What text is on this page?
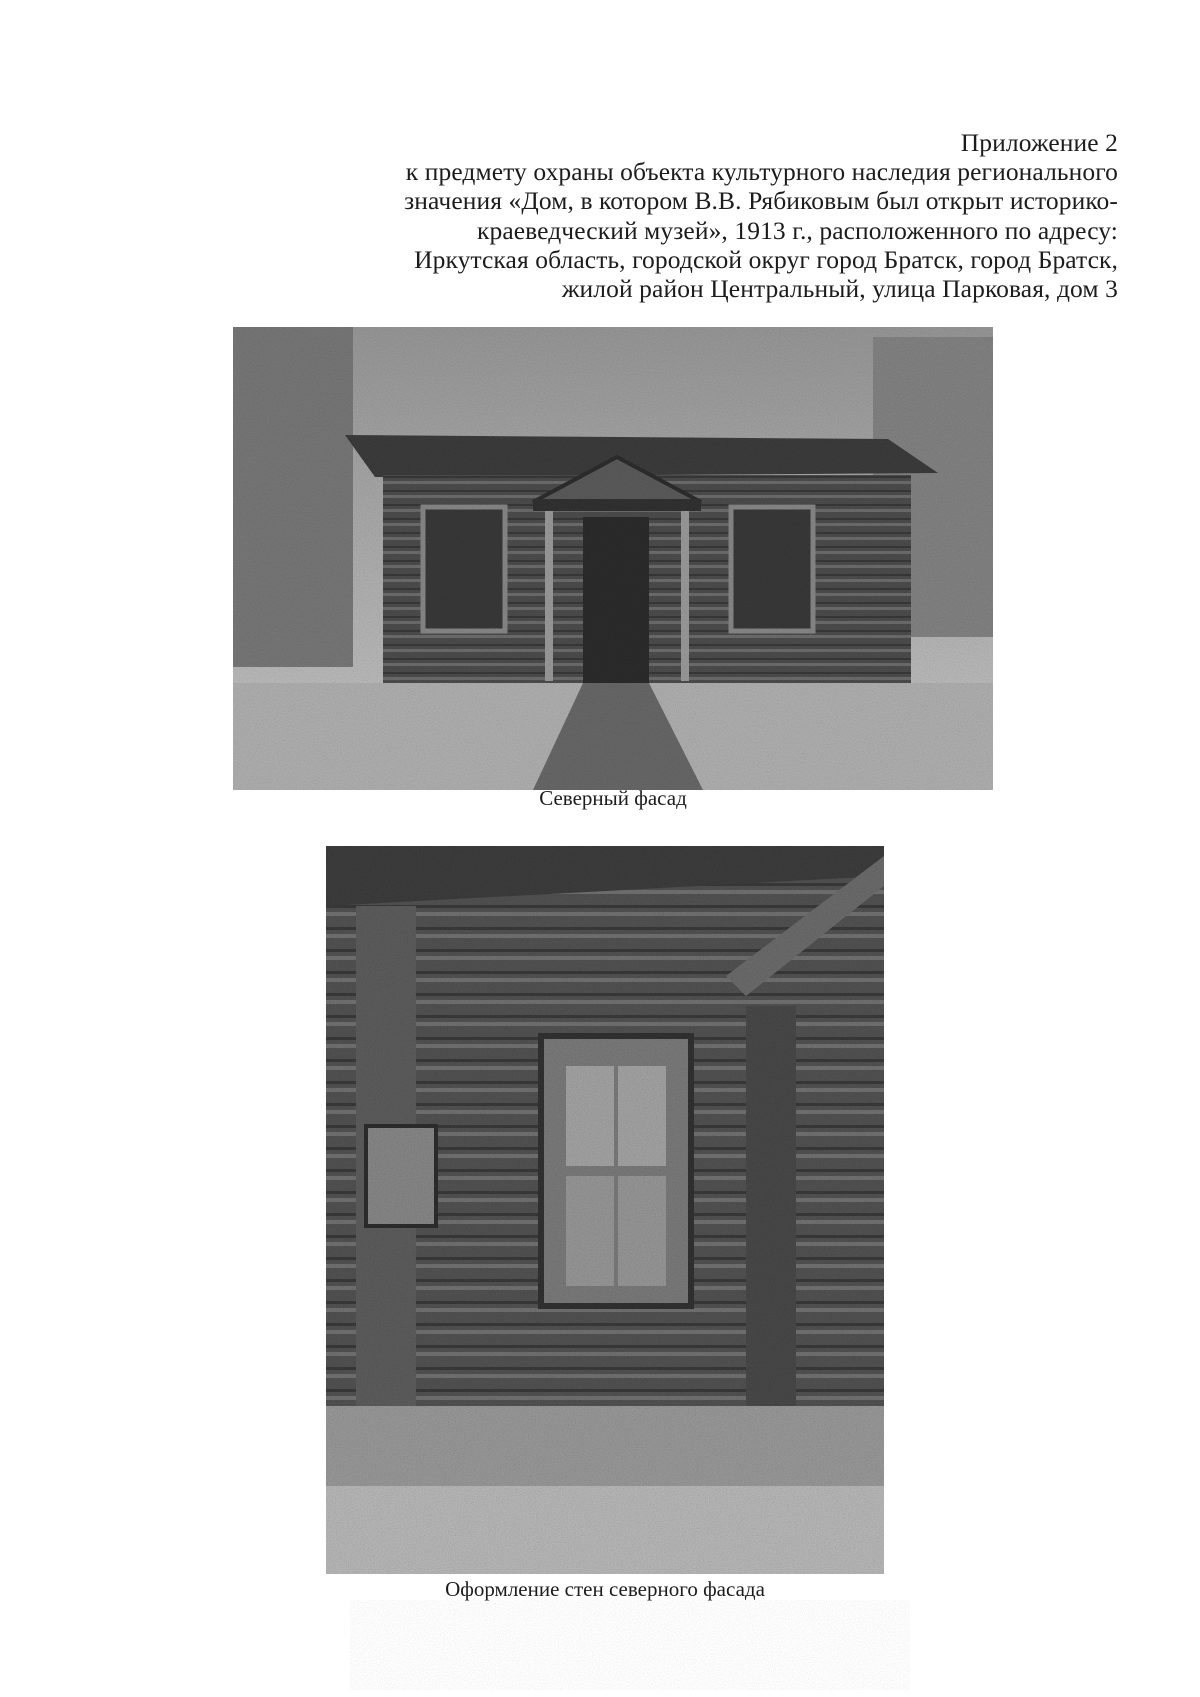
Приложение 2
к предмету охраны объекта культурного наследия регионального
значения «Дом, в котором В.В. Рябиковым был открыт историко-
краеведческий музей», 1913 г., расположенного по адресу:
Иркутская область, городской округ город Братск, город Братск,
жилой район Центральный, улица Парковая, дом 3
Северный фасад
Оформление стен северного фасада
